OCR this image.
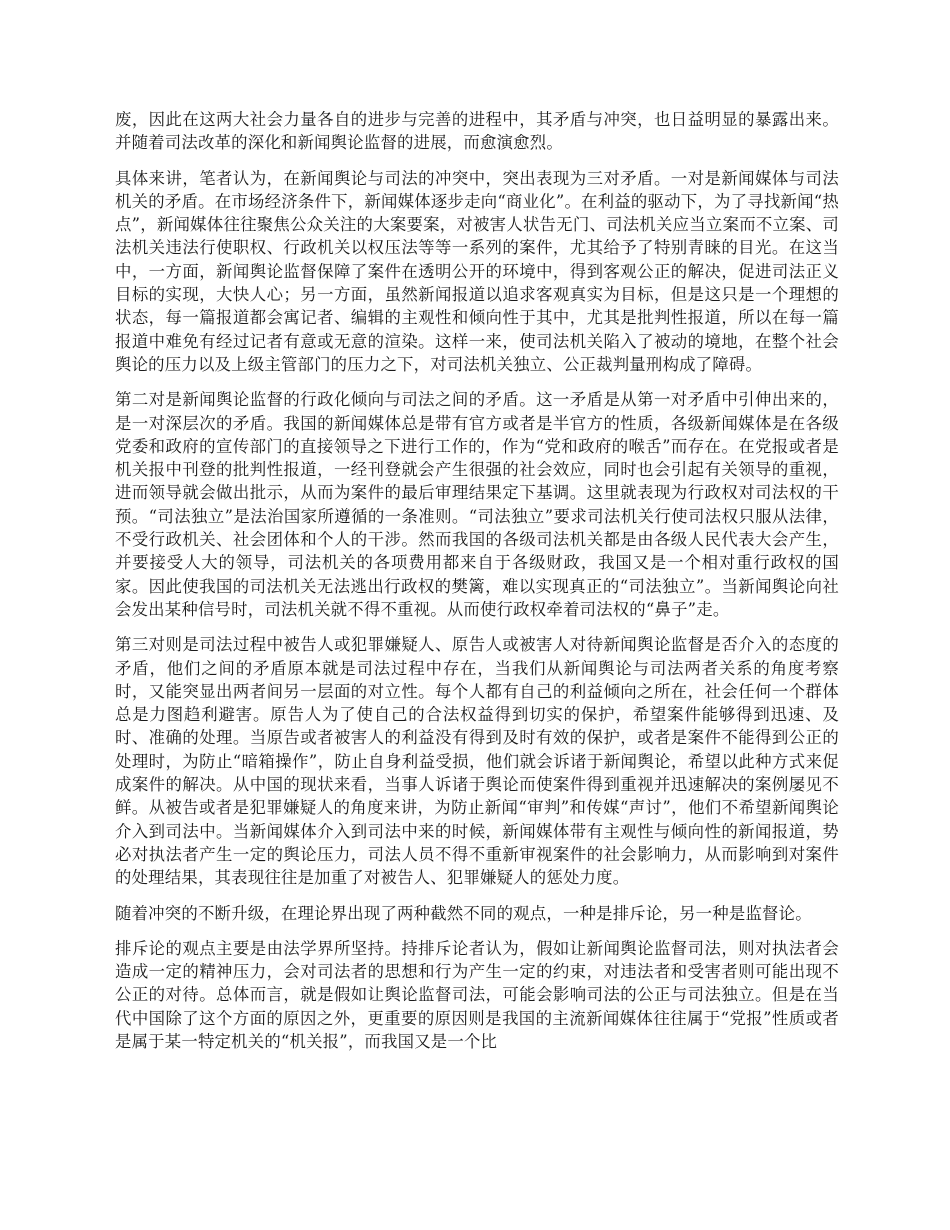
废，因此在这两大社会力量各自的进步与完善的进程中，其矛盾与冲突，也日益明显的暴露出来。并随着司法改革的深化和新闻舆论监督的进展，而愈演愈烈。

具体来讲，笔者认为，在新闻舆论与司法的冲突中，突出表现为三对矛盾。一对是新闻媒体与司法机关的矛盾。在市场经济条件下，新闻媒体逐步走向“商业化”。在利益的驱动下，为了寻找新闻“热点”，新闻媒体往往聚焦公众关注的大案要案，对被害人状告无门、司法机关应当立案而不立案、司法机关违法行使职权、行政机关以权压法等等一系列的案件，尤其给予了特别青睐的目光。在这当中，一方面，新闻舆论监督保障了案件在透明公开的环境中，得到客观公正的解决，促进司法正义目标的实现，大快人心；另一方面，虽然新闻报道以追求客观真实为目标，但是这只是一个理想的状态，每一篇报道都会寓记者、编辑的主观性和倾向性于其中，尤其是批判性报道，所以在每一篇报道中难免有经过记者有意或无意的渲染。这样一来，使司法机关陷入了被动的境地，在整个社会舆论的压力以及上级主管部门的压力之下，对司法机关独立、公正裁判量刑构成了障碍。

第二对是新闻舆论监督的行政化倾向与司法之间的矛盾。这一矛盾是从第一对矛盾中引伸出来的，是一对深层次的矛盾。我国的新闻媒体总是带有官方或者是半官方的性质，各级新闻媒体是在各级党委和政府的宣传部门的直接领导之下进行工作的，作为“党和政府的喉舌”而存在。在党报或者是机关报中刊登的批判性报道，一经刊登就会产生很强的社会效应，同时也会引起有关领导的重视，进而领导就会做出批示，从而为案件的最后审理结果定下基调。这里就表现为行政权对司法权的干预。“司法独立”是法治国家所遵循的一条准则。“司法独立”要求司法机关行使司法权只服从法律，不受行政机关、社会团体和个人的干涉。然而我国的各级司法机关都是由各级人民代表大会产生，并要接受人大的领导，司法机关的各项费用都来自于各级财政，我国又是一个相对重行政权的国家。因此使我国的司法机关无法逃出行政权的樊篱，难以实现真正的“司法独立”。当新闻舆论向社会发出某种信号时，司法机关就不得不重视。从而使行政权牵着司法权的“鼻子”走。

第三对则是司法过程中被告人或犯罪嫌疑人、原告人或被害人对待新闻舆论监督是否介入的态度的矛盾，他们之间的矛盾原本就是司法过程中存在，当我们从新闻舆论与司法两者关系的角度考察时，又能突显出两者间另一层面的对立性。每个人都有自己的利益倾向之所在，社会任何一个群体总是力图趋利避害。原告人为了使自己的合法权益得到切实的保护，希望案件能够得到迅速、及时、准确的处理。当原告或者被害人的利益没有得到及时有效的保护，或者是案件不能得到公正的处理时，为防止“暗箱操作”，防止自身利益受损，他们就会诉诸于新闻舆论，希望以此种方式来促成案件的解决。从中国的现状来看，当事人诉诸于舆论而使案件得到重视并迅速解决的案例屡见不鲜。从被告或者是犯罪嫌疑人的角度来讲，为防止新闻“审判”和传媒“声讨”，他们不希望新闻舆论介入到司法中。当新闻媒体介入到司法中来的时候，新闻媒体带有主观性与倾向性的新闻报道，势必对执法者产生一定的舆论压力，司法人员不得不重新审视案件的社会影响力，从而影响到对案件的处理结果，其表现往往是加重了对被告人、犯罪嫌疑人的惩处力度。

随着冲突的不断升级，在理论界出现了两种截然不同的观点，一种是排斥论，另一种是监督论。

排斥论的观点主要是由法学界所坚持。持排斥论者认为，假如让新闻舆论监督司法，则对执法者会造成一定的精神压力，会对司法者的思想和行为产生一定的约束，对违法者和受害者则可能出现不公正的对待。总体而言，就是假如让舆论监督司法，可能会影响司法的公正与司法独立。但是在当代中国除了这个方面的原因之外，更重要的原因则是我国的主流新闻媒体往往属于“党报”性质或者是属于某一特定机关的“机关报”，而我国又是一个比
